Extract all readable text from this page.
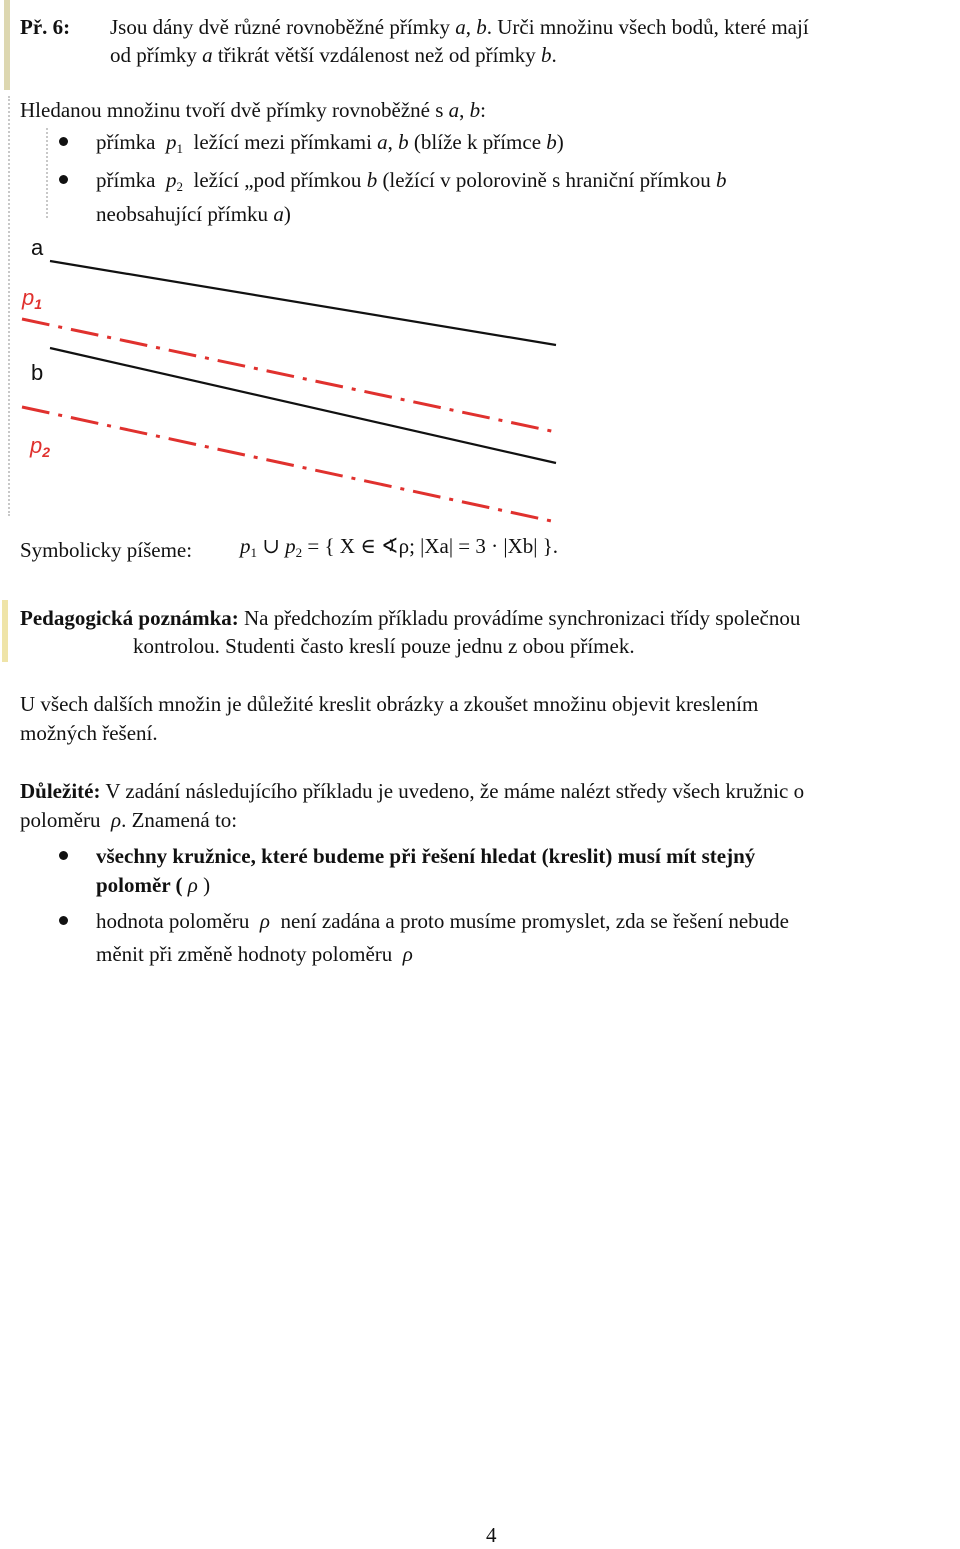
Př. 6: Jsou dány dvě různé rovnoběžné přímky a, b. Urči množinu všech bodů, které mají
od přímky a třikrát větší vzdálenost než od přímky b.
Hledanou množinu tvoří dvě přímky rovnoběžné s a, b:
přímka $p_1$  ležící mezi přímkami a, b (blíže k přímce b)
přímka $p_2$  ležící „pod přímkou b (ležící v polorovině s hraniční přímkou b
neobsahující přímku a)
a
$p_1$
b
$p_2$
Symbolicky píšeme: $p_1$ ∪ $p_2$ = { X ∈ ∢ρ; |Xa| = 3 · |Xb| }.
Pedagogická poznámka: Na předchozím příkladu provádíme synchronizaci třídy společnou
kontrolou. Studenti často kreslí pouze jednu z obou přímek.
U všech dalších množin je důležité kreslit obrázky a zkoušet množinu objevit kreslením
možných řešení.
Důležité: V zadání následujícího příkladu je uvedeno, že máme nalézt středy všech kružnic o
poloměru ρ. Znamená to:
všechny kružnice, které budeme při řešení hledat (kreslit) musí mít stejný
poloměr ( ρ )
hodnota poloměru ρ není zadána a proto musíme promyslet, zda se řešení nebude
měnit při změně hodnoty poloměru ρ
4
